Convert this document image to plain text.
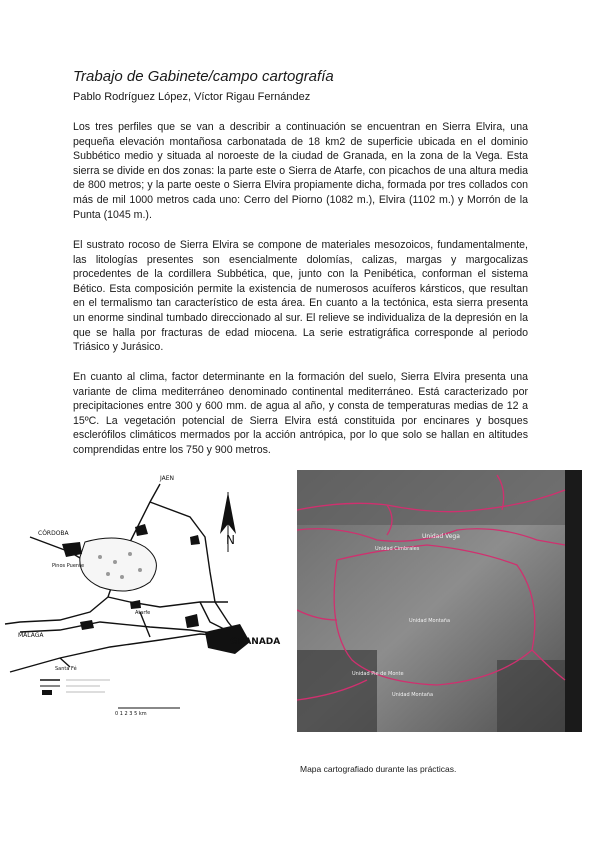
Trabajo de Gabinete/campo cartografía

Pablo Rodríguez López, Víctor Rigau Fernández

Los tres perfiles que se van a describir a continuación se encuentran en Sierra Elvira, una pequeña elevación montañosa carbonatada de 18 km2 de superficie ubicada en el dominio Subbético medio y situada al noroeste de la ciudad de Granada, en la zona de la Vega. Esta sierra se divide en dos zonas: la parte este o Sierra de Atarfe, con picachos de una altura media de 800 metros; y la parte oeste o Sierra Elvira propiamente dicha, formada por tres collados con más de mil 1000 metros cada uno: Cerro del Piorno (1082 m.), Elvira (1102 m.) y Morrón de la Punta (1045 m.).

El sustrato rocoso de Sierra Elvira se compone de materiales mesozoicos, fundamentalmente, las litologías presentes son esencialmente dolomías, calizas, margas y margocalizas procedentes de la cordillera Subbética, que, junto con la Penibética, conforman el sistema Bético. Esta composición permite la existencia de numerosos acuíferos kársticos, que resultan en el termalismo tan característico de esta área. En cuanto a la tectónica, esta sierra presenta un enorme sindinal tumbado direccionado al sur. El relieve se individualiza de la depresión en la que se halla por fracturas de edad miocena. La serie estratigráfica corresponde al periodo Triásico y Jurásico.

En cuanto al clima, factor determinante en la formación del suelo, Sierra Elvira presenta una variante de clima mediterráneo denominado continental mediterráneo. Está caracterizado por precipitaciones entre 300 y 600 mm. de agua al año, y consta de temperaturas medias de 12 a 15ºC. La vegetación potencial de Sierra Elvira está constituida por encinares y bosques esclerófilos climáticos mermados por la acción antrópica, por lo que solo se hallan en altitudes comprendidas entre los 750 y 900 metros.

N
JAEN
CÓRDOBA
GRANADA
MÁLAGA
Santa Fé
Atarfe
Pinos Puente
0 1 2 3 5 km
Unidad Vega
Unidad Cimbrales
Unidad Montaña
Unidad Pie de Monte
Unidad Montaña

Mapa cartografiado durante las prácticas.
